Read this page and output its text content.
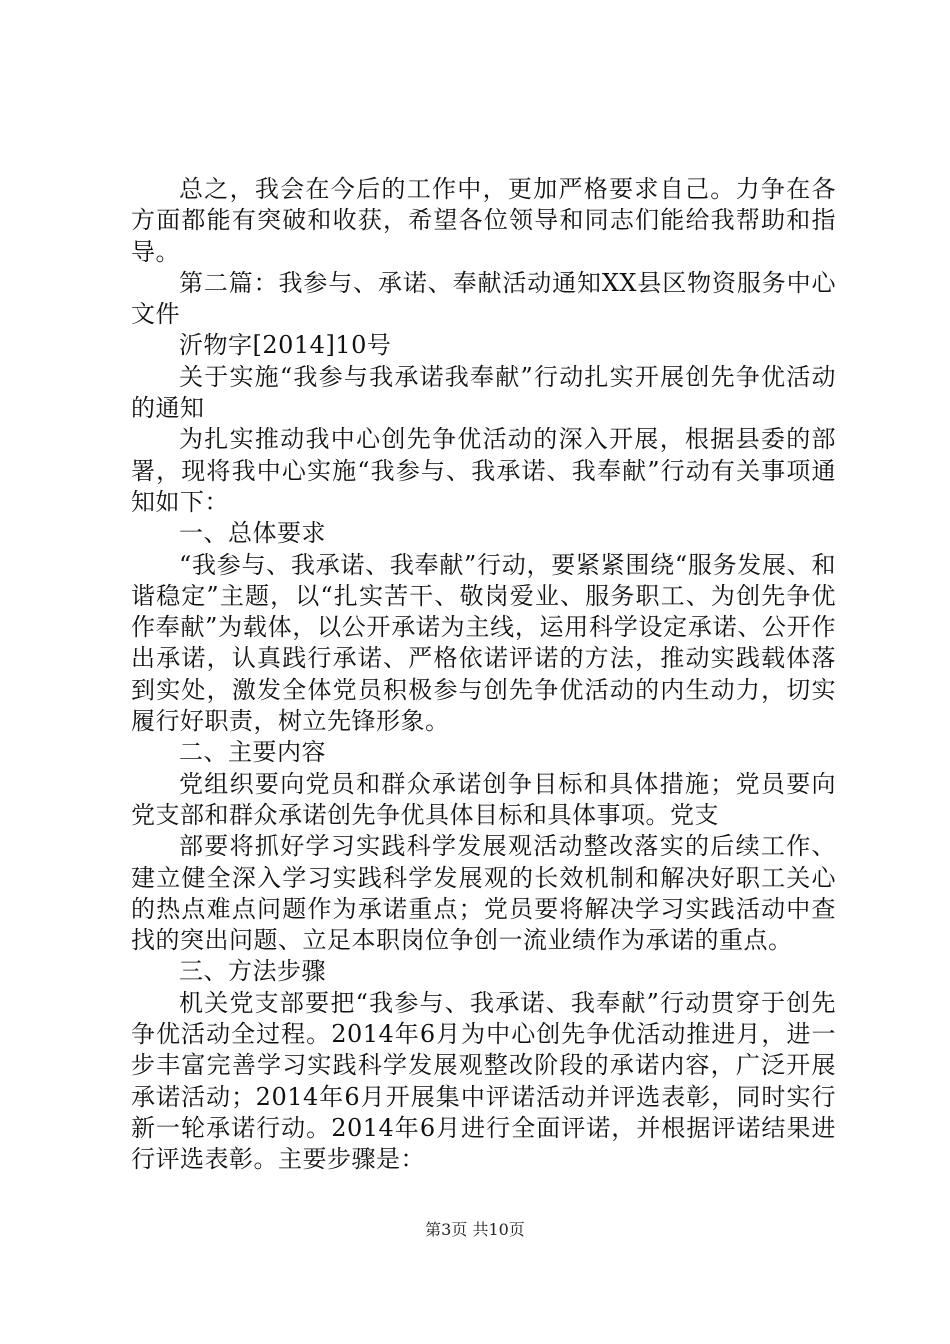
总之，我会在今后的工作中，更加严格要求自己。力争在各方面都能有突破和收获，希望各位领导和同志们能给我帮助和指导。

第二篇：我参与、承诺、奉献活动通知XX县区物资服务中心文件

沂物字[2014]10号

关于实施“我参与我承诺我奉献”行动扎实开展创先争优活动的通知

为扎实推动我中心创先争优活动的深入开展，根据县委的部署，现将我中心实施“我参与、我承诺、我奉献”行动有关事项通知如下：

一、总体要求

“我参与、我承诺、我奉献”行动，要紧紧围绕“服务发展、和谐稳定”主题，以“扎实苦干、敬岗爱业、服务职工、为创先争优作奉献”为载体，以公开承诺为主线，运用科学设定承诺、公开作出承诺，认真践行承诺、严格依诺评诺的方法，推动实践载体落到实处，激发全体党员积极参与创先争优活动的内生动力，切实履行好职责，树立先锋形象。

二、主要内容

党组织要向党员和群众承诺创争目标和具体措施；党员要向党支部和群众承诺创先争优具体目标和具体事项。党支

部要将抓好学习实践科学发展观活动整改落实的后续工作、建立健全深入学习实践科学发展观的长效机制和解决好职工关心的热点难点问题作为承诺重点；党员要将解决学习实践活动中查找的突出问题、立足本职岗位争创一流业绩作为承诺的重点。

三、方法步骤

机关党支部要把“我参与、我承诺、我奉献”行动贯穿于创先争优活动全过程。2014年6月为中心创先争优活动推进月，进一步丰富完善学习实践科学发展观整改阶段的承诺内容，广泛开展承诺活动；2014年6月开展集中评诺活动并评选表彰，同时实行新一轮承诺行动。2014年6月进行全面评诺，并根据评诺结果进行评选表彰。主要步骤是：

第3页 共10页
